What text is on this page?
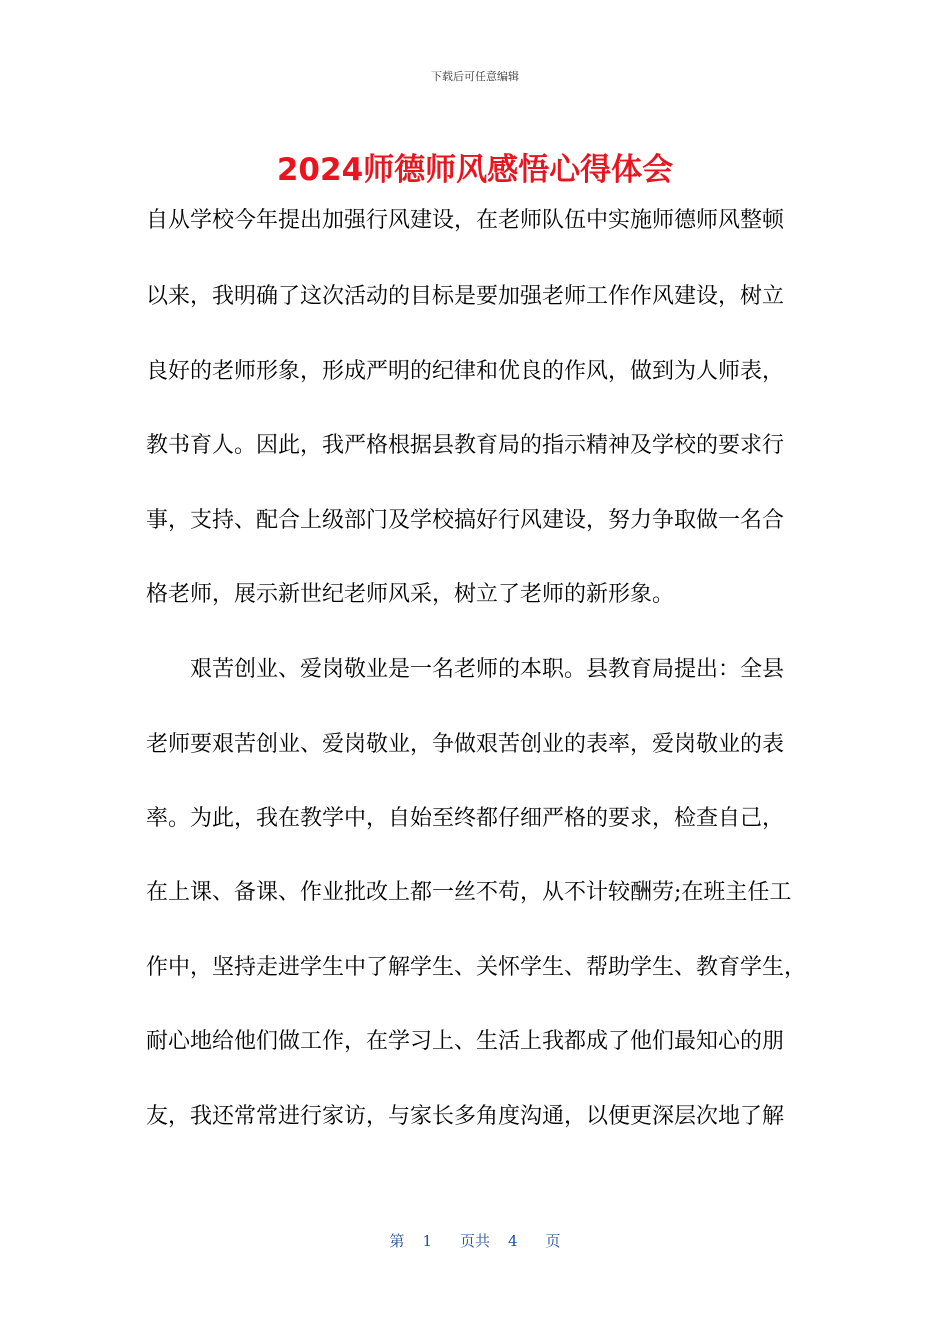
下载后可任意编辑
2024师德师风感悟心得体会
自从学校今年提出加强行风建设，在老师队伍中实施师德师风整顿
以来，我明确了这次活动的目标是要加强老师工作作风建设，树立
良好的老师形象，形成严明的纪律和优良的作风，做到为人师表，
教书育人。因此，我严格根据县教育局的指示精神及学校的要求行
事，支持、配合上级部门及学校搞好行风建设，努力争取做一名合
格老师，展示新世纪老师风采，树立了老师的新形象。
艰苦创业、爱岗敬业是一名老师的本职。县教育局提出：全县
老师要艰苦创业、爱岗敬业，争做艰苦创业的表率，爱岗敬业的表
率。为此，我在教学中，自始至终都仔细严格的要求，检查自己，
在上课、备课、作业批改上都一丝不苟，从不计较酬劳;在班主任工
作中，坚持走进学生中了解学生、关怀学生、帮助学生、教育学生，
耐心地给他们做工作，在学习上、生活上我都成了他们最知心的朋
友，我还常常进行家访，与家长多角度沟通，以便更深层次地了解
第 1 页共 4 页
